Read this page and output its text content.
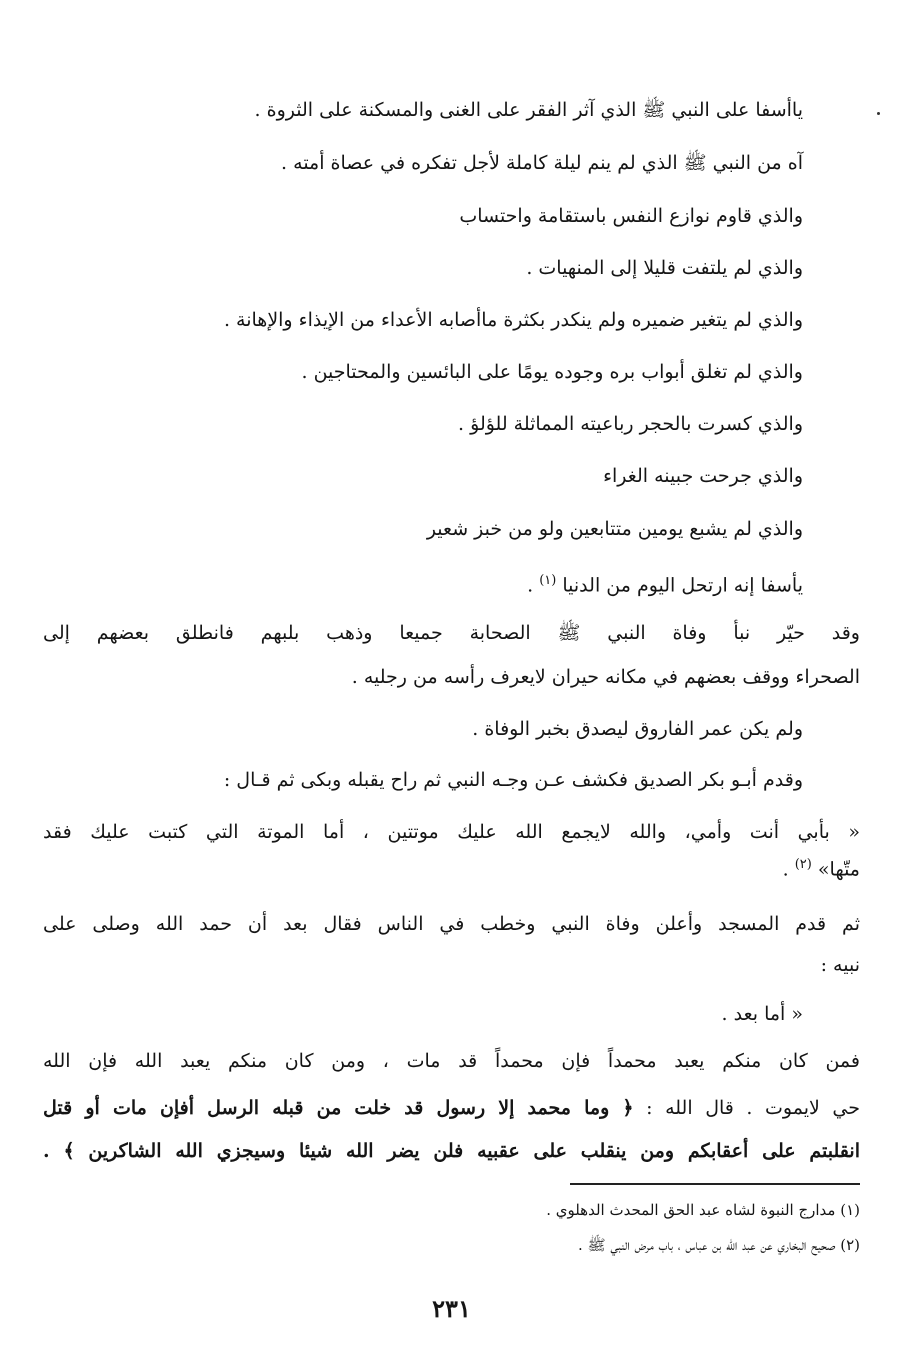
ياأسفا على النبي ﷺ الذي آثر الفقر على الغنى والمسكنة على الثروة .
آه من النبي ﷺ الذي لم ينم ليلة كاملة لأجل تفكره في عصاة أمته .
والذي قاوم نوازع النفس باستقامة واحتساب
والذي لم يلتفت قليلا إلى المنهيات .
والذي لم يتغير ضميره ولم ينكدر بكثرة ماأصابه الأعداء من الإيذاء والإهانة .
والذي لم تغلق أبواب بره وجوده يومًا على البائسين والمحتاجين .
والذي كسرت بالحجر رباعيته المماثلة للؤلؤ .
والذي جرحت جبينه الغراء
والذي لم يشبع يومين متتابعين ولو من خبز شعير
يأسفا إنه ارتحل اليوم من الدنيا $^{(١)}$ .
وقد حيّر نبأ وفاة النبي ﷺ الصحابة جميعا وذهب بلبهم فانطلق بعضهم إلى
الصحراء ووقف بعضهم في مكانه حيران لايعرف رأسه من رجليه .
ولم يكن عمر الفاروق ليصدق بخبر الوفاة .
وقدم أبـو بكر الصديق فكشف عـن وجـه النبي ثم راح يقبله وبكى ثم قـال :
« بأبي أنت وأمي، والله لايجمع الله عليك موتتين ، أما الموتة التي كتبت عليك فقد
متّها» $^{(٢)}$ .
ثم قدم المسجد وأعلن وفاة النبي وخطب في الناس فقال بعد أن حمد الله وصلى على
نبيه :
« أما بعد .
فمن كان منكم يعبد محمداً فإن محمداً قد مات ، ومن كان منكم يعبد الله فإن الله
حي لايموت . قال الله : ﴿ وما محمد إلا رسول قد خلت من قبله الرسل أفإن مات أو قتل
انقلبتم على أعقابكم ومن ينقلب على عقبيه فلن يضر الله شيئا وسيجزي الله الشاكرين ﴾ .
(١) مدارج النبوة لشاه عبد الحق المحدث الدهلوي .
(٢) صحيح البخاري عن عبد الله بن عباس ، باب مرض النبي ﷺ .
٢٣١
